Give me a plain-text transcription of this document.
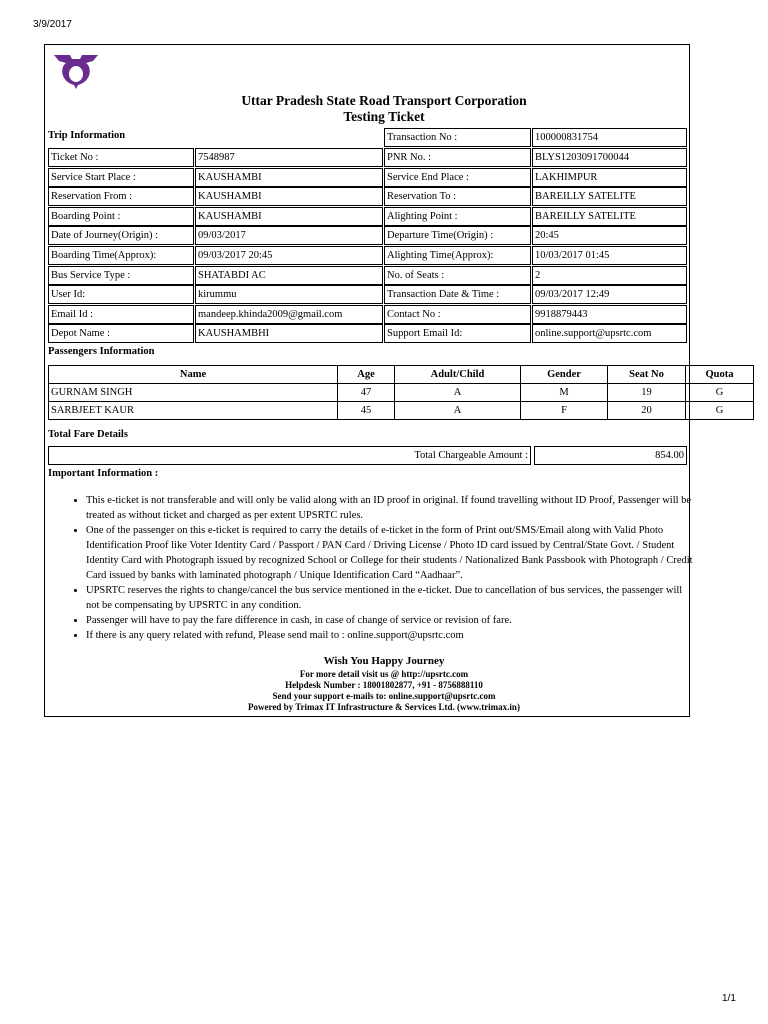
3/9/2017
Uttar Pradesh State Road Transport Corporation
Testing Ticket
Trip Information	Transaction No :	100000831754
Ticket No :	7548987	PNR No. :	BLYS1203091700044
Service Start Place :	KAUSHAMBI	Service End Place :	LAKHIMPUR
Reservation From :	KAUSHAMBI	Reservation To :	BAREILLY SATELITE
Boarding Point :	KAUSHAMBI	Alighting Point :	BAREILLY SATELITE
Date of Journey(Origin) :	09/03/2017	Departure Time(Origin) :	20:45
Boarding Time(Approx):	09/03/2017 20:45	Alighting Time(Approx):	10/03/2017 01:45
Bus Service Type :	SHATABDI AC	No. of Seats :	2
User Id:	kirummu	Transaction Date & Time :	09/03/2017 12:49
Email Id :	mandeep.khinda2009@gmail.com	Contact No :	9918879443
Depot Name :	KAUSHAMBHI	Support Email Id:	online.support@upsrtc.com
Passengers Information
Name	Age	Adult/Child	Gender	Seat No	Quota
GURNAM SINGH	47	A	M	19	G
SARBJEET KAUR	45	A	F	20	G
Total Fare Details
Total Chargeable Amount :	854.00
Important Information :
• This e-ticket is not transferable and will only be valid along with an ID proof in original. If found travelling without ID Proof, Passenger will be treated as without ticket and charged as per extent UPSRTC rules.
• One of the passenger on this e-ticket is required to carry the details of e-ticket in the form of Print out/SMS/Email along with Valid Photo Identification Proof like Voter Identity Card / Passport / PAN Card / Driving License / Photo ID card issued by Central/State Govt. / Student Identity Card with Photograph issued by recognized School or College for their students / Nationalized Bank Passbook with Photograph / Credit Card issued by banks with laminated photograph / Unique Identification Card “Aadhaar”.
• UPSRTC reserves the rights to change/cancel the bus service mentioned in the e-ticket. Due to cancellation of bus services, the passenger will not be compensating by UPSRTC in any condition.
• Passenger will have to pay the fare difference in cash, in case of change of service or revision of fare.
• If there is any query related with refund, Please send mail to : online.support@upsrtc.com
Wish You Happy Journey
For more detail visit us @ http://upsrtc.com
Helpdesk Number : 18001802877, +91 - 8756888110
Send your support e-mails to: online.support@upsrtc.com
Powered by Trimax IT Infrastructure & Services Ltd. (www.trimax.in)
1/1
